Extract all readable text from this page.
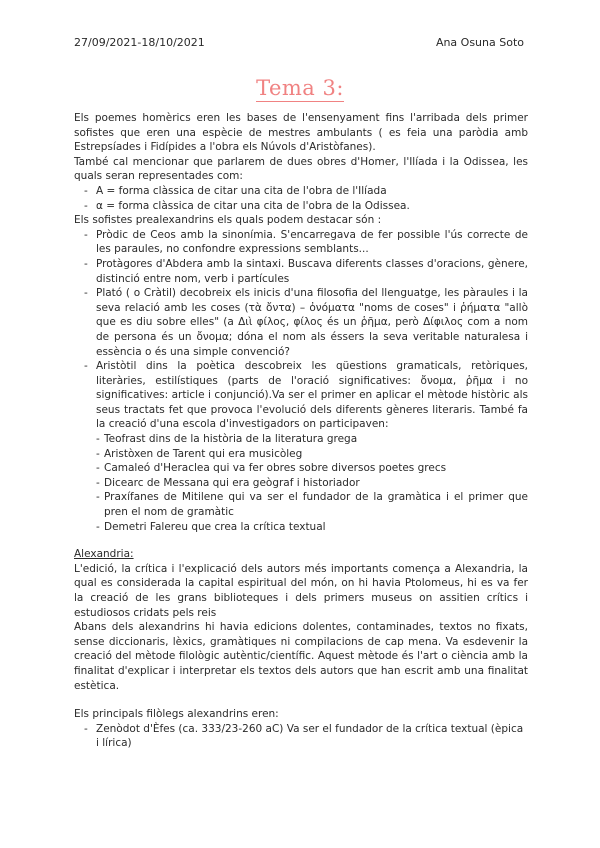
27/09/2021-18/10/2021	Ana Osuna Soto
Tema 3:

Els poemes homèrics eren les bases de l'ensenyament fins l'arribada dels primer sofistes que eren una espècie de mestres ambulants ( es feia una paròdia amb Estrepsíades i Fidípides a l'obra els Núvols d'Aristòfanes).

També cal mencionar que parlarem de dues obres d'Homer, l'Ilíada i la Odissea, les quals seran representades com:

- Α = forma clàssica de citar una cita de l'obra de l'Ilíada

- α = forma clàssica de citar una cita de l'obra de la Odissea.

Els sofistes prealexandrins els quals podem destacar són :

- Pròdic de Ceos amb la sinonímia. S'encarregava de fer possible l'ús correcte de les paraules, no confondre expressions semblants...

- Protàgores d'Abdera amb la sintaxi. Buscava diferents classes d'oracions, gènere, distinció entre nom, verb i partícules

- Plató ( o Cràtil) decobreix els inicis d'una filosofia del llenguatge, les pàraules i la seva relació amb les coses (τὰ ὄντα) – ὀνόματα "noms de coses" i ῥήματα "allò que es diu sobre elles" (a Διὶ φίλος, φίλος és un ῥῆμα, però Δίφιλος com a nom de persona és un ὄνομα; dóna el nom als éssers la seva veritable naturalesa i essència o és una simple convenció?

- Aristòtil dins la poètica descobreix les qüestions gramaticals, retòriques, literàries, estilístiques (parts de l'oració significatives: ὄνομα, ῥῆμα i no significatives: article i conjunció).Va ser el primer en aplicar el mètode històric als seus tractats fet que provoca l'evolució dels diferents gèneres literaris. També fa la creació d'una escola d'investigadors on participaven:

- Teofrast dins de la història de la literatura grega

- Aristòxen de Tarent qui era musicòleg

- Camaleó d'Heraclea qui va fer obres sobre diversos poetes grecs

- Dicearc de Messana qui era geògraf i historiador

- Praxífanes de Mitilene qui va ser el fundador de la gramàtica i el primer que pren el nom de gramàtic

- Demetri Falereu que crea la crítica textual

Alexandria:

L'edició, la crítica i l'explicació dels autors més importants comença a Alexandria, la qual es considerada la capital espiritual del món, on hi havia Ptolomeus, hi es va fer la creació de les grans biblioteques i dels primers museus on assitien crítics i estudiosos cridats pels reis

Abans dels alexandrins hi havia edicions dolentes, contaminades, textos no fixats, sense diccionaris, lèxics, gramàtiques ni compilacions de cap mena. Va esdevenir la creació del mètode filològic autèntic/científic. Aquest mètode és l'art o ciència amb la finalitat d'explicar i interpretar els textos dels autors que han escrit amb una finalitat estètica.

Els principals filòlegs alexandrins eren:

- Zenòdot d'Èfes (ca. 333/23-260 aC) Va ser el fundador de la crítica textual (èpica i lírica)
